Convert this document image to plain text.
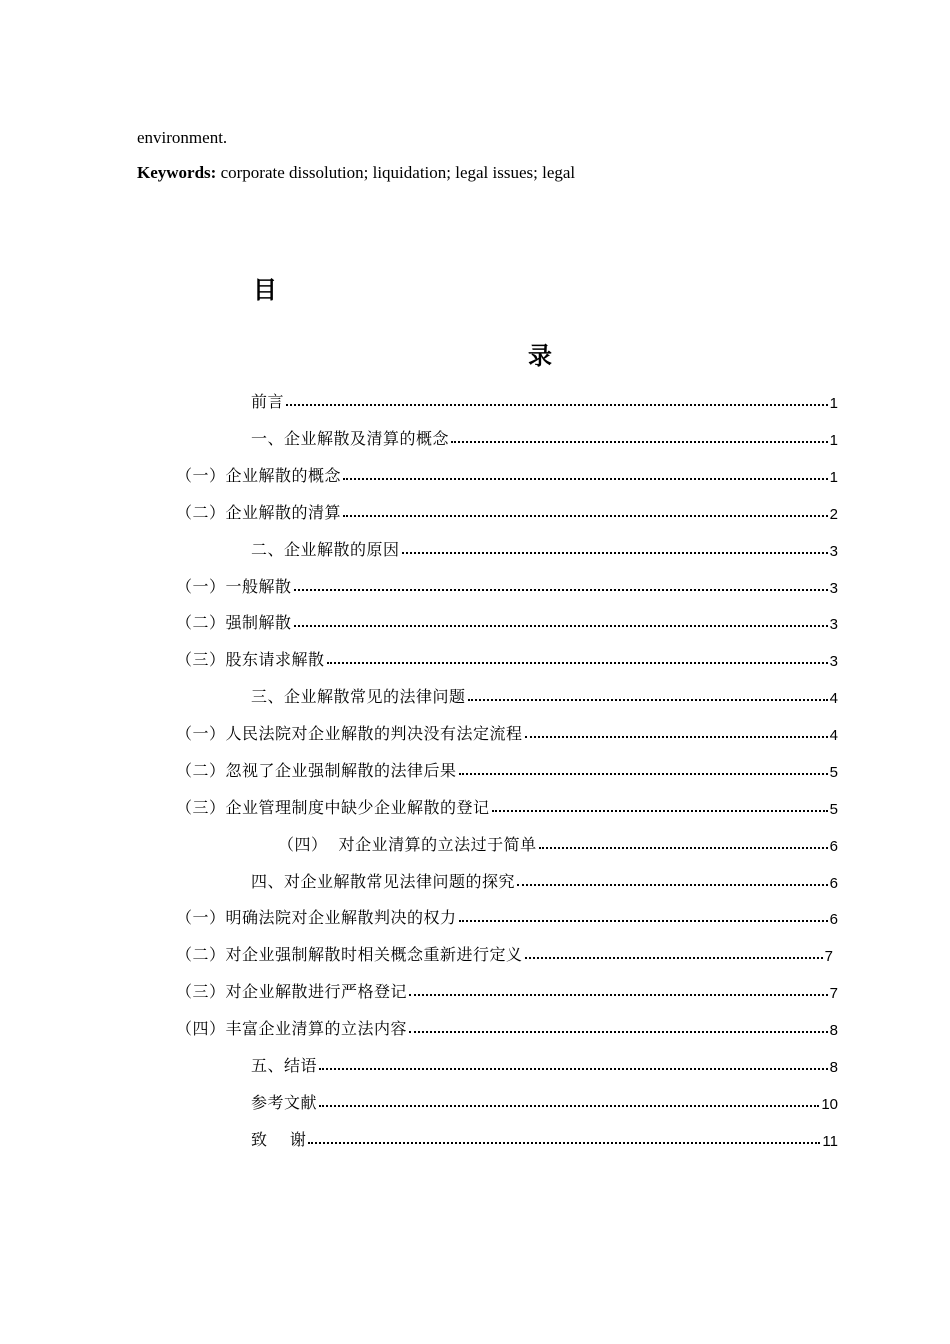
environment.
Keywords: corporate dissolution; liquidation; legal issues; legal
目
录
前言	1
一、企业解散及清算的概念	1
（一）企业解散的概念	1
（二）企业解散的清算	2
二、企业解散的原因	3
（一）一般解散	3
（二）强制解散	3
（三）股东请求解散	3
三、企业解散常见的法律问题	4
（一）人民法院对企业解散的判决没有法定流程	4
（二）忽视了企业强制解散的法律后果	5
（三）企业管理制度中缺少企业解散的登记	5
（四）  对企业清算的立法过于简单	6
四、对企业解散常见法律问题的探究	6
（一）明确法院对企业解散判决的权力	6
（二）对企业强制解散时相关概念重新进行定义	7
（三）对企业解散进行严格登记	7
（四）丰富企业清算的立法内容	8
五、结语	8
参考文献	10
致    谢	11
